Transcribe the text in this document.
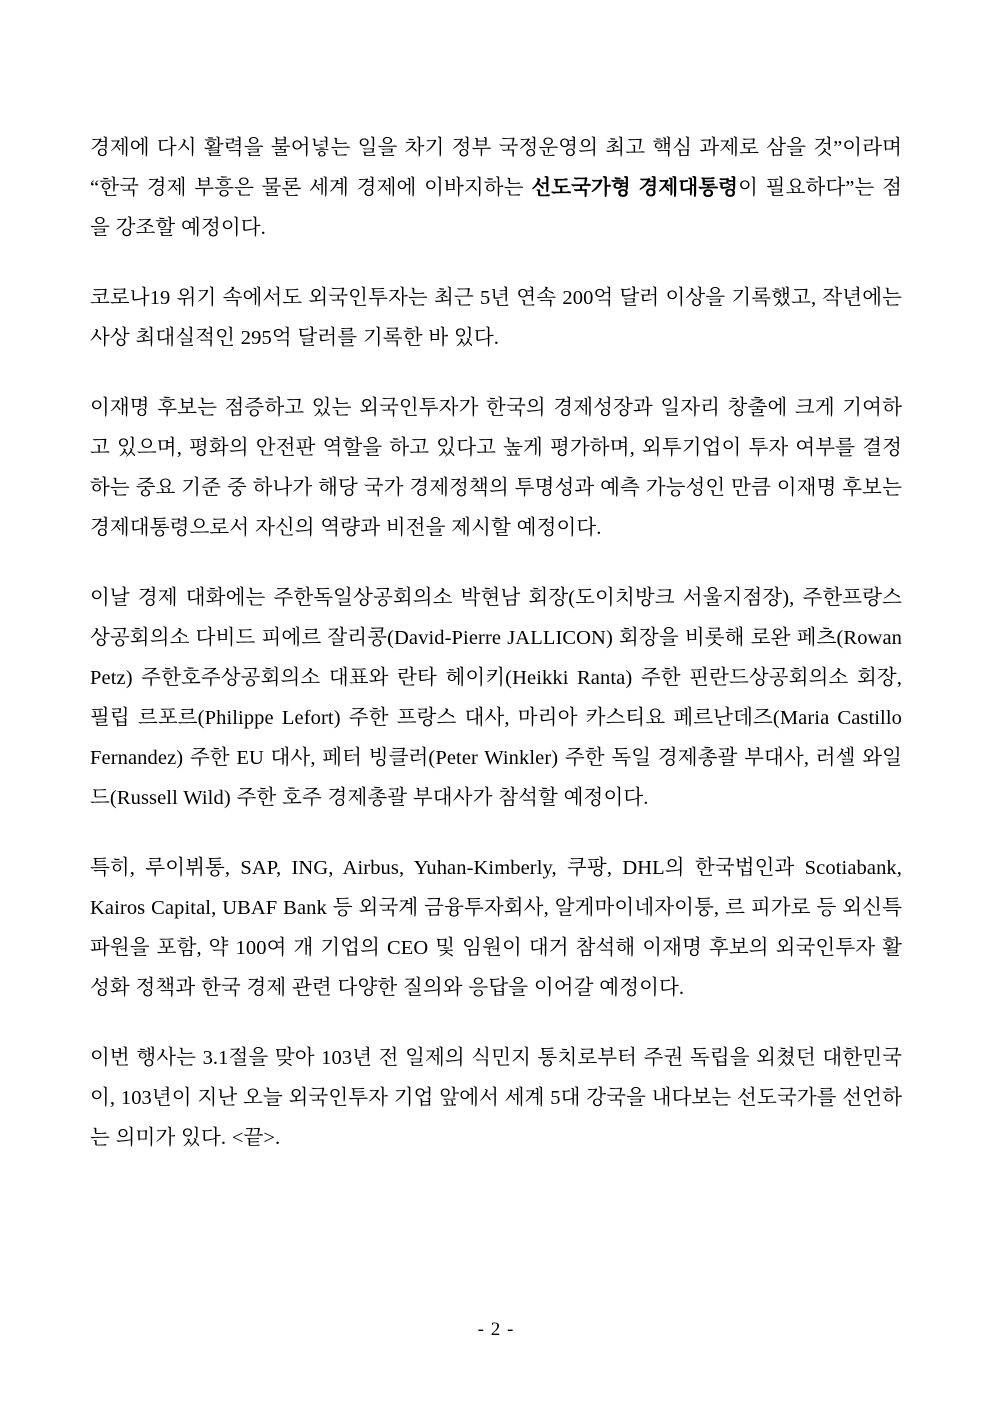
경제에 다시 활력을 불어넣는 일을 차기 정부 국정운영의 최고 핵심 과제로 삼을 것”이라며 “한국 경제 부흥은 물론 세계 경제에 이바지하는 선도국가형 경제대통령이 필요하다”는 점을 강조할 예정이다.

코로나19 위기 속에서도 외국인투자는 최근 5년 연속 200억 달러 이상을 기록했고, 작년에는 사상 최대실적인 295억 달러를 기록한 바 있다.

이재명 후보는 점증하고 있는 외국인투자가 한국의 경제성장과 일자리 창출에 크게 기여하고 있으며, 평화의 안전판 역할을 하고 있다고 높게 평가하며, 외투기업이 투자 여부를 결정하는 중요 기준 중 하나가 해당 국가 경제정책의 투명성과 예측 가능성인 만큼 이재명 후보는 경제대통령으로서 자신의 역량과 비전을 제시할 예정이다.

이날 경제 대화에는 주한독일상공회의소 박현남 회장(도이치방크 서울지점장), 주한프랑스상공회의소 다비드 피에르 잘리콩(David-Pierre JALLICON) 회장을 비롯해 로완 페츠(Rowan Petz) 주한호주상공회의소 대표와 란타 헤이키(Heikki Ranta) 주한 핀란드상공회의소 회장, 필립 르포르(Philippe Lefort) 주한 프랑스 대사, 마리아 카스티요 페르난데즈(Maria Castillo Fernandez) 주한 EU 대사, 페터 빙클러(Peter Winkler) 주한 독일 경제총괄 부대사, 러셀 와일드(Russell Wild) 주한 호주 경제총괄 부대사가 참석할 예정이다.

특히, 루이뷔통, SAP, ING, Airbus, Yuhan-Kimberly, 쿠팡, DHL의 한국법인과 Scotiabank, Kairos Capital, UBAF Bank 등 외국계 금융투자회사, 알게마이네자이퉁, 르 피가로 등 외신특파원을 포함, 약 100여 개 기업의 CEO 및 임원이 대거 참석해 이재명 후보의 외국인투자 활성화 정책과 한국 경제 관련 다양한 질의와 응답을 이어갈 예정이다.

이번 행사는 3.1절을 맞아 103년 전 일제의 식민지 통치로부터 주권 독립을 외쳤던 대한민국이, 103년이 지난 오늘 외국인투자 기업 앞에서 세계 5대 강국을 내다보는 선도국가를 선언하는 의미가 있다. <끝>.

- 2 -
